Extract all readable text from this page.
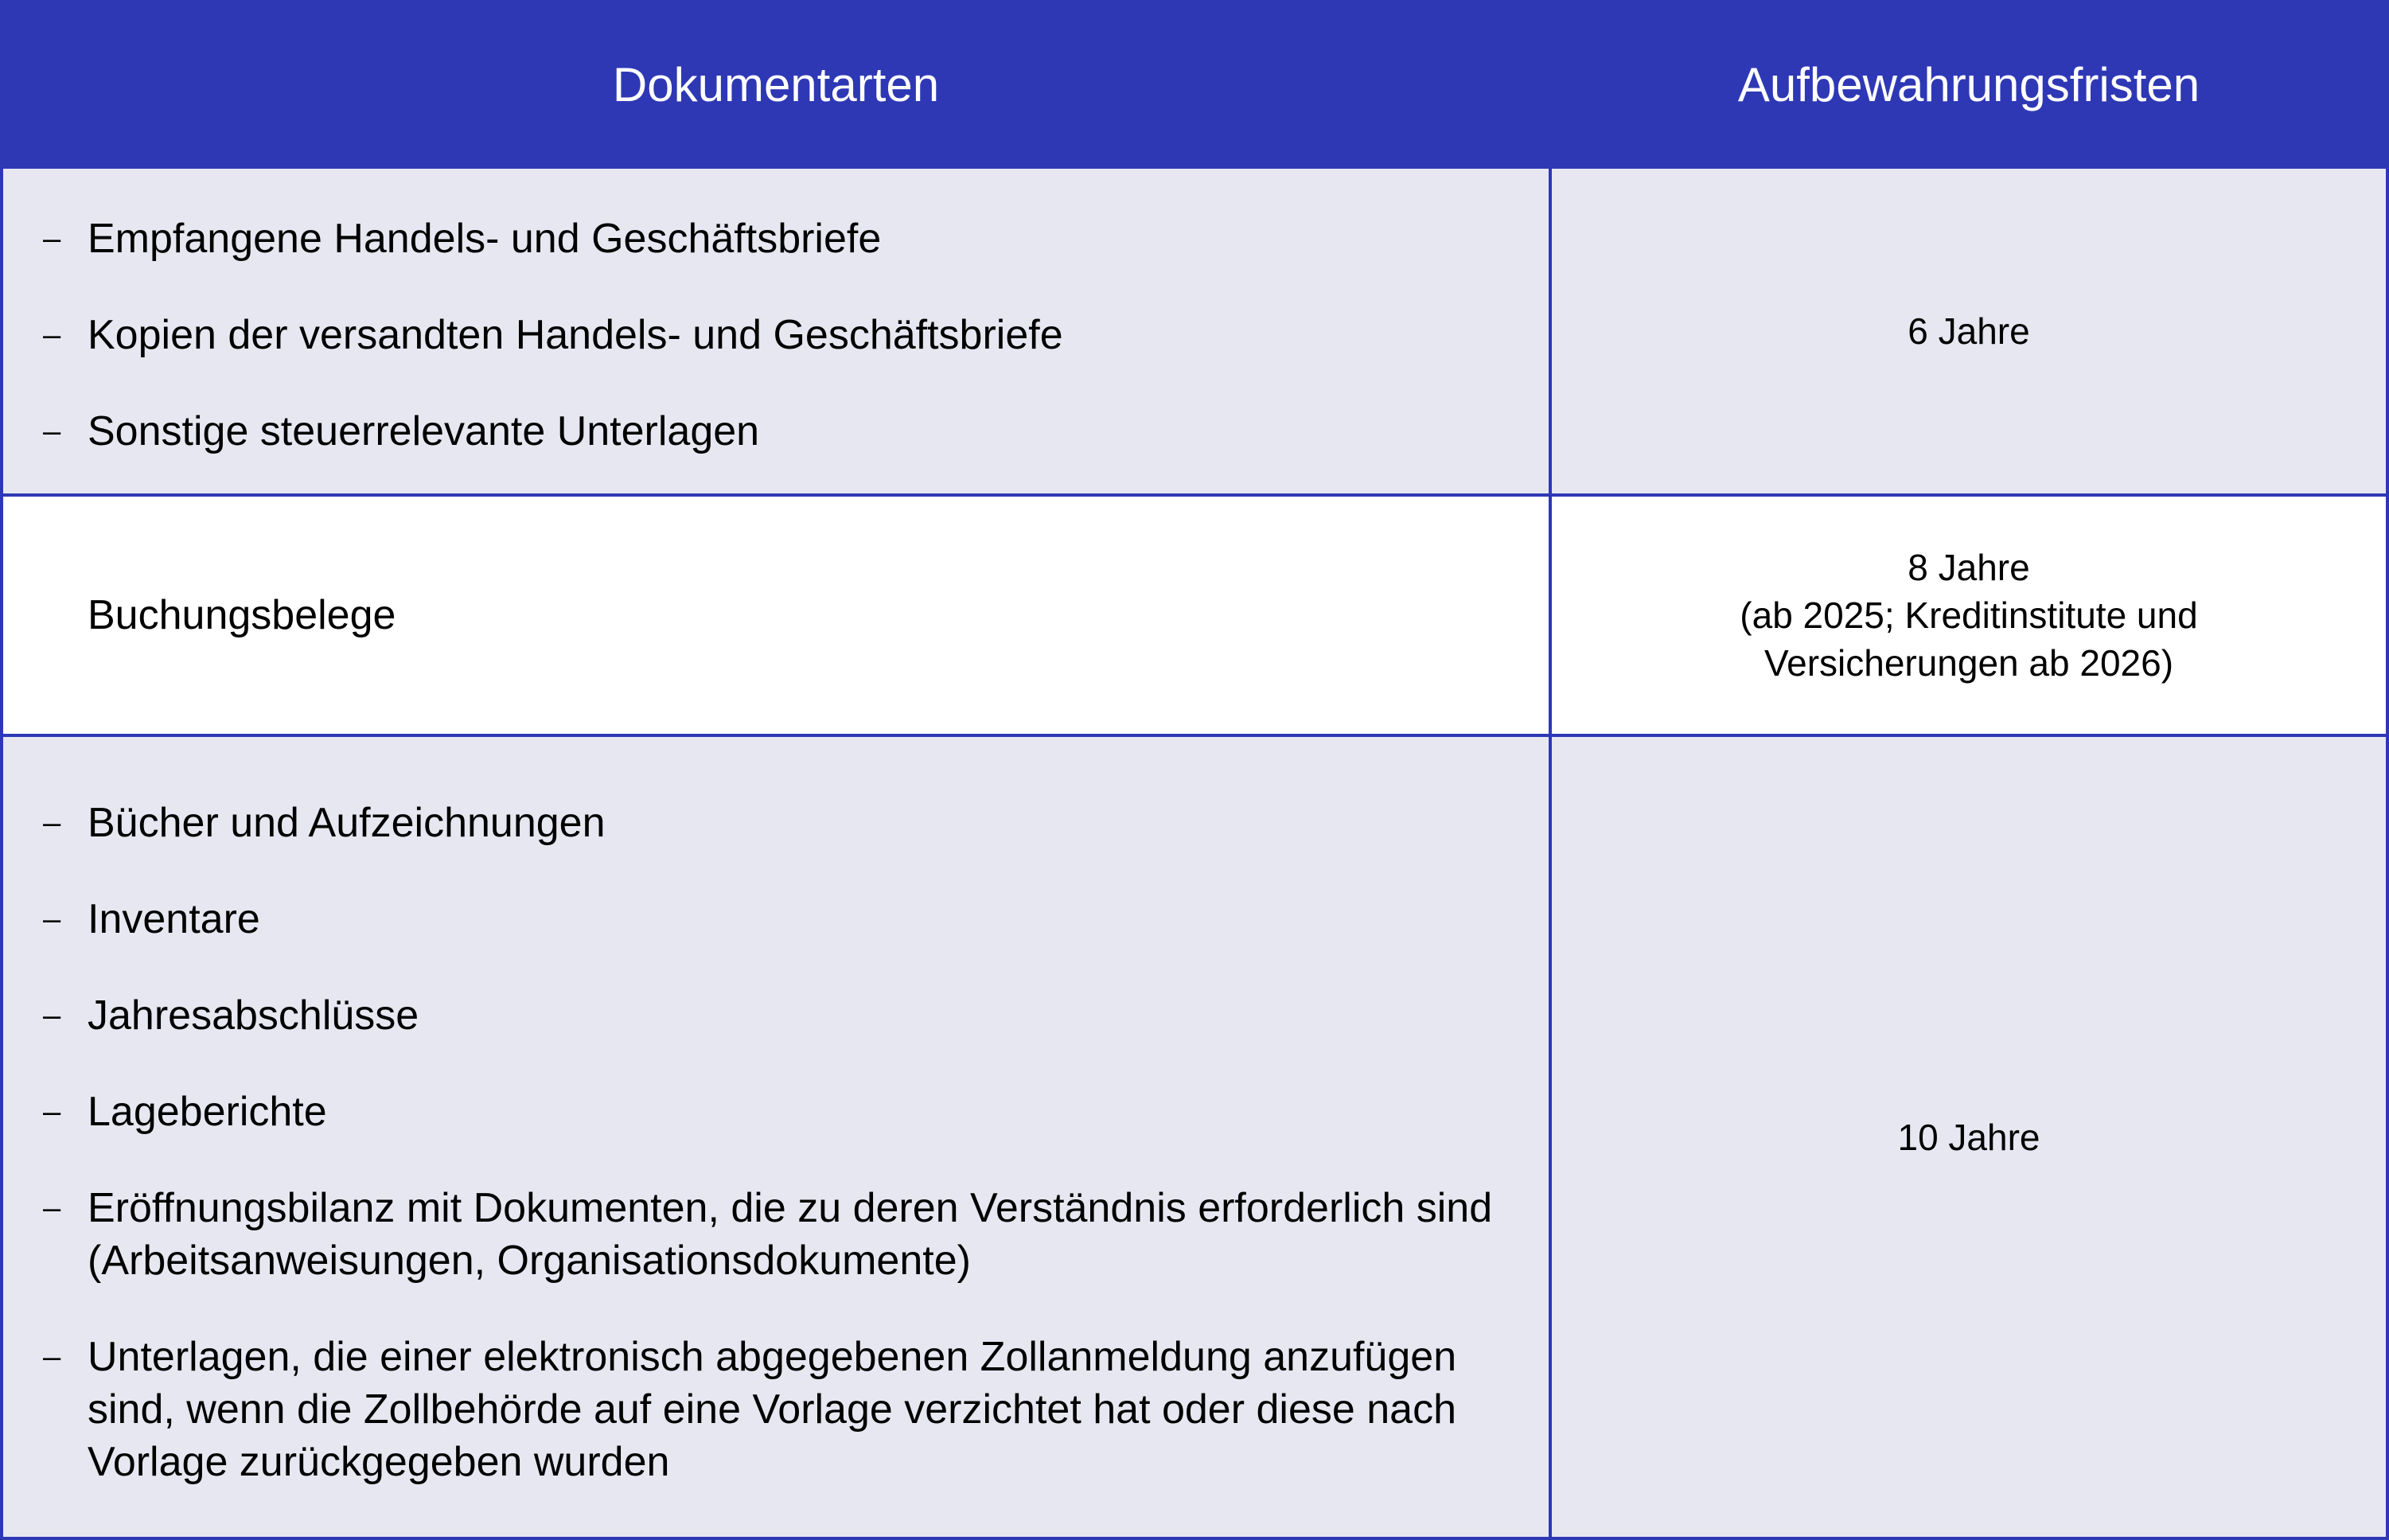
Dokumentarten	Aufbewahrungsfristen
– Empfangene Handels- und Geschäftsbriefe
– Kopien der versandten Handels- und Geschäftsbriefe
– Sonstige steuerrelevante Unterlagen
6 Jahre
Buchungsbelege
8 Jahre
(ab 2025; Kreditinstitute und
Versicherungen ab 2026)
– Bücher und Aufzeichnungen
– Inventare
– Jahresabschlüsse
– Lageberichte
– Eröffnungsbilanz mit Dokumenten, die zu deren Verständnis erforderlich sind (Arbeitsanweisungen, Organisationsdokumente)
– Unterlagen, die einer elektronisch abgegebenen Zollanmeldung anzufügen sind, wenn die Zollbehörde auf eine Vorlage verzichtet hat oder diese nach Vorlage zurückgegeben wurden
10 Jahre
